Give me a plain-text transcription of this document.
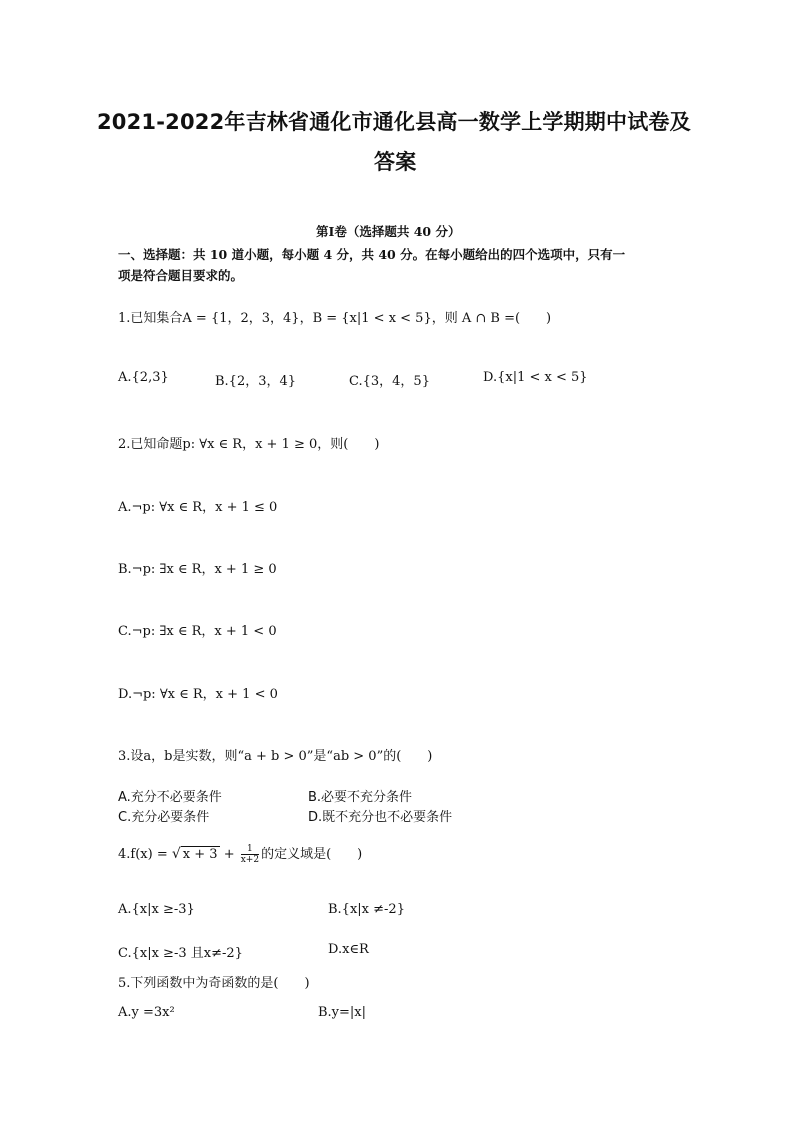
2021-2022年吉林省通化市通化县高一数学上学期期中试卷及
答案
第Ⅰ卷（选择题共 40 分）
一、选择题：共 10 道小题，每小题 4 分，共 40 分。在每小题给出的四个选项中，只有一
项是符合题目要求的。
1.已知集合A = {1，2，3，4}，B = {x|1 < x < 5}，则 A ∩ B =(　　)
A.{2,3}	B.{2，3，4}	C.{3，4，5}	D.{x|1 < x < 5}
2.已知命题p: ∀x ∈ R，x + 1 ≥ 0，则(　　)
A.¬p: ∀x ∈ R，x + 1 ≤ 0
B.¬p: ∃x ∈ R，x + 1 ≥ 0
C.¬p: ∃x ∈ R，x + 1 < 0
D.¬p: ∀x ∈ R，x + 1 < 0
3.设a，b是实数，则“a + b > 0”是“ab > 0”的(　　)
A.充分不必要条件	B.必要不充分条件
C.充分必要条件	D.既不充分也不必要条件
4.f(x) = √ $x + 3 + \frac{1}{x+2}$ 的定义域是(　　)
A.{x|x ≥-3}	B.{x|x ≠-2}
C.{x|x ≥-3 且x≠-2}	D.x∈R
5.下列函数中为奇函数的是(　　)
A.y =3x²	B.y=|x|
